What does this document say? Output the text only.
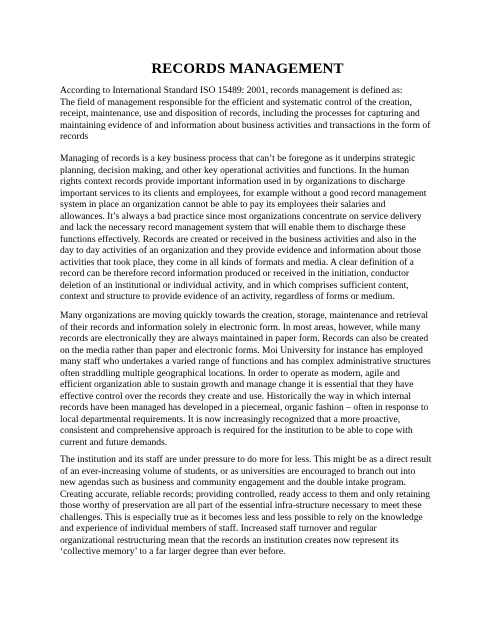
RECORDS MANAGEMENT

According to International Standard ISO 15489: 2001, records management is defined as:
The field of management responsible for the efficient and systematic control of the creation,
receipt, maintenance, use and disposition of records, including the processes for capturing and
maintaining evidence of and information about business activities and transactions in the form of
records

Managing of records is a key business process that can’t be foregone as it underpins strategic
planning, decision making, and other key operational activities and functions. In the human
rights context records provide important information used in by organizations to discharge
important services to its clients and employees, for example without a good record management
system in place an organization cannot be able to pay its employees their salaries and
allowances. It’s always a bad practice since most organizations concentrate on service delivery
and lack the necessary record management system that will enable them to discharge these
functions effectively. Records are created or received in the business activities and also in the
day to day activities of an organization and they provide evidence and information about those
activities that took place, they come in all kinds of formats and media. A clear definition of a
record can be therefore record information produced or received in the initiation, conductor
deletion of an institutional or individual activity, and in which comprises sufficient content,
context and structure to provide evidence of an activity, regardless of forms or medium.

Many organizations are moving quickly towards the creation, storage, maintenance and retrieval
of their records and information solely in electronic form. In most areas, however, while many
records are electronically they are always maintained in paper form. Records can also be created
on the media rather than paper and electronic forms. Moi University for instance has employed
many staff who undertakes a varied range of functions and has complex administrative structures
often straddling multiple geographical locations. In order to operate as modern, agile and
efficient organization able to sustain growth and manage change it is essential that they have
effective control over the records they create and use. Historically the way in which internal
records have been managed has developed in a piecemeal, organic fashion – often in response to
local departmental requirements. It is now increasingly recognized that a more proactive,
consistent and comprehensive approach is required for the institution to be able to cope with
current and future demands.

The institution and its staff are under pressure to do more for less. This might be as a direct result
of an ever-increasing volume of students, or as universities are encouraged to branch out into
new agendas such as business and community engagement and the double intake program.
Creating accurate, reliable records; providing controlled, ready access to them and only retaining
those worthy of preservation are all part of the essential infra-structure necessary to meet these
challenges. This is especially true as it becomes less and less possible to rely on the knowledge
and experience of individual members of staff. Increased staff turnover and regular
organizational restructuring mean that the records an institution creates now represent its
‘collective memory’ to a far larger degree than ever before.
